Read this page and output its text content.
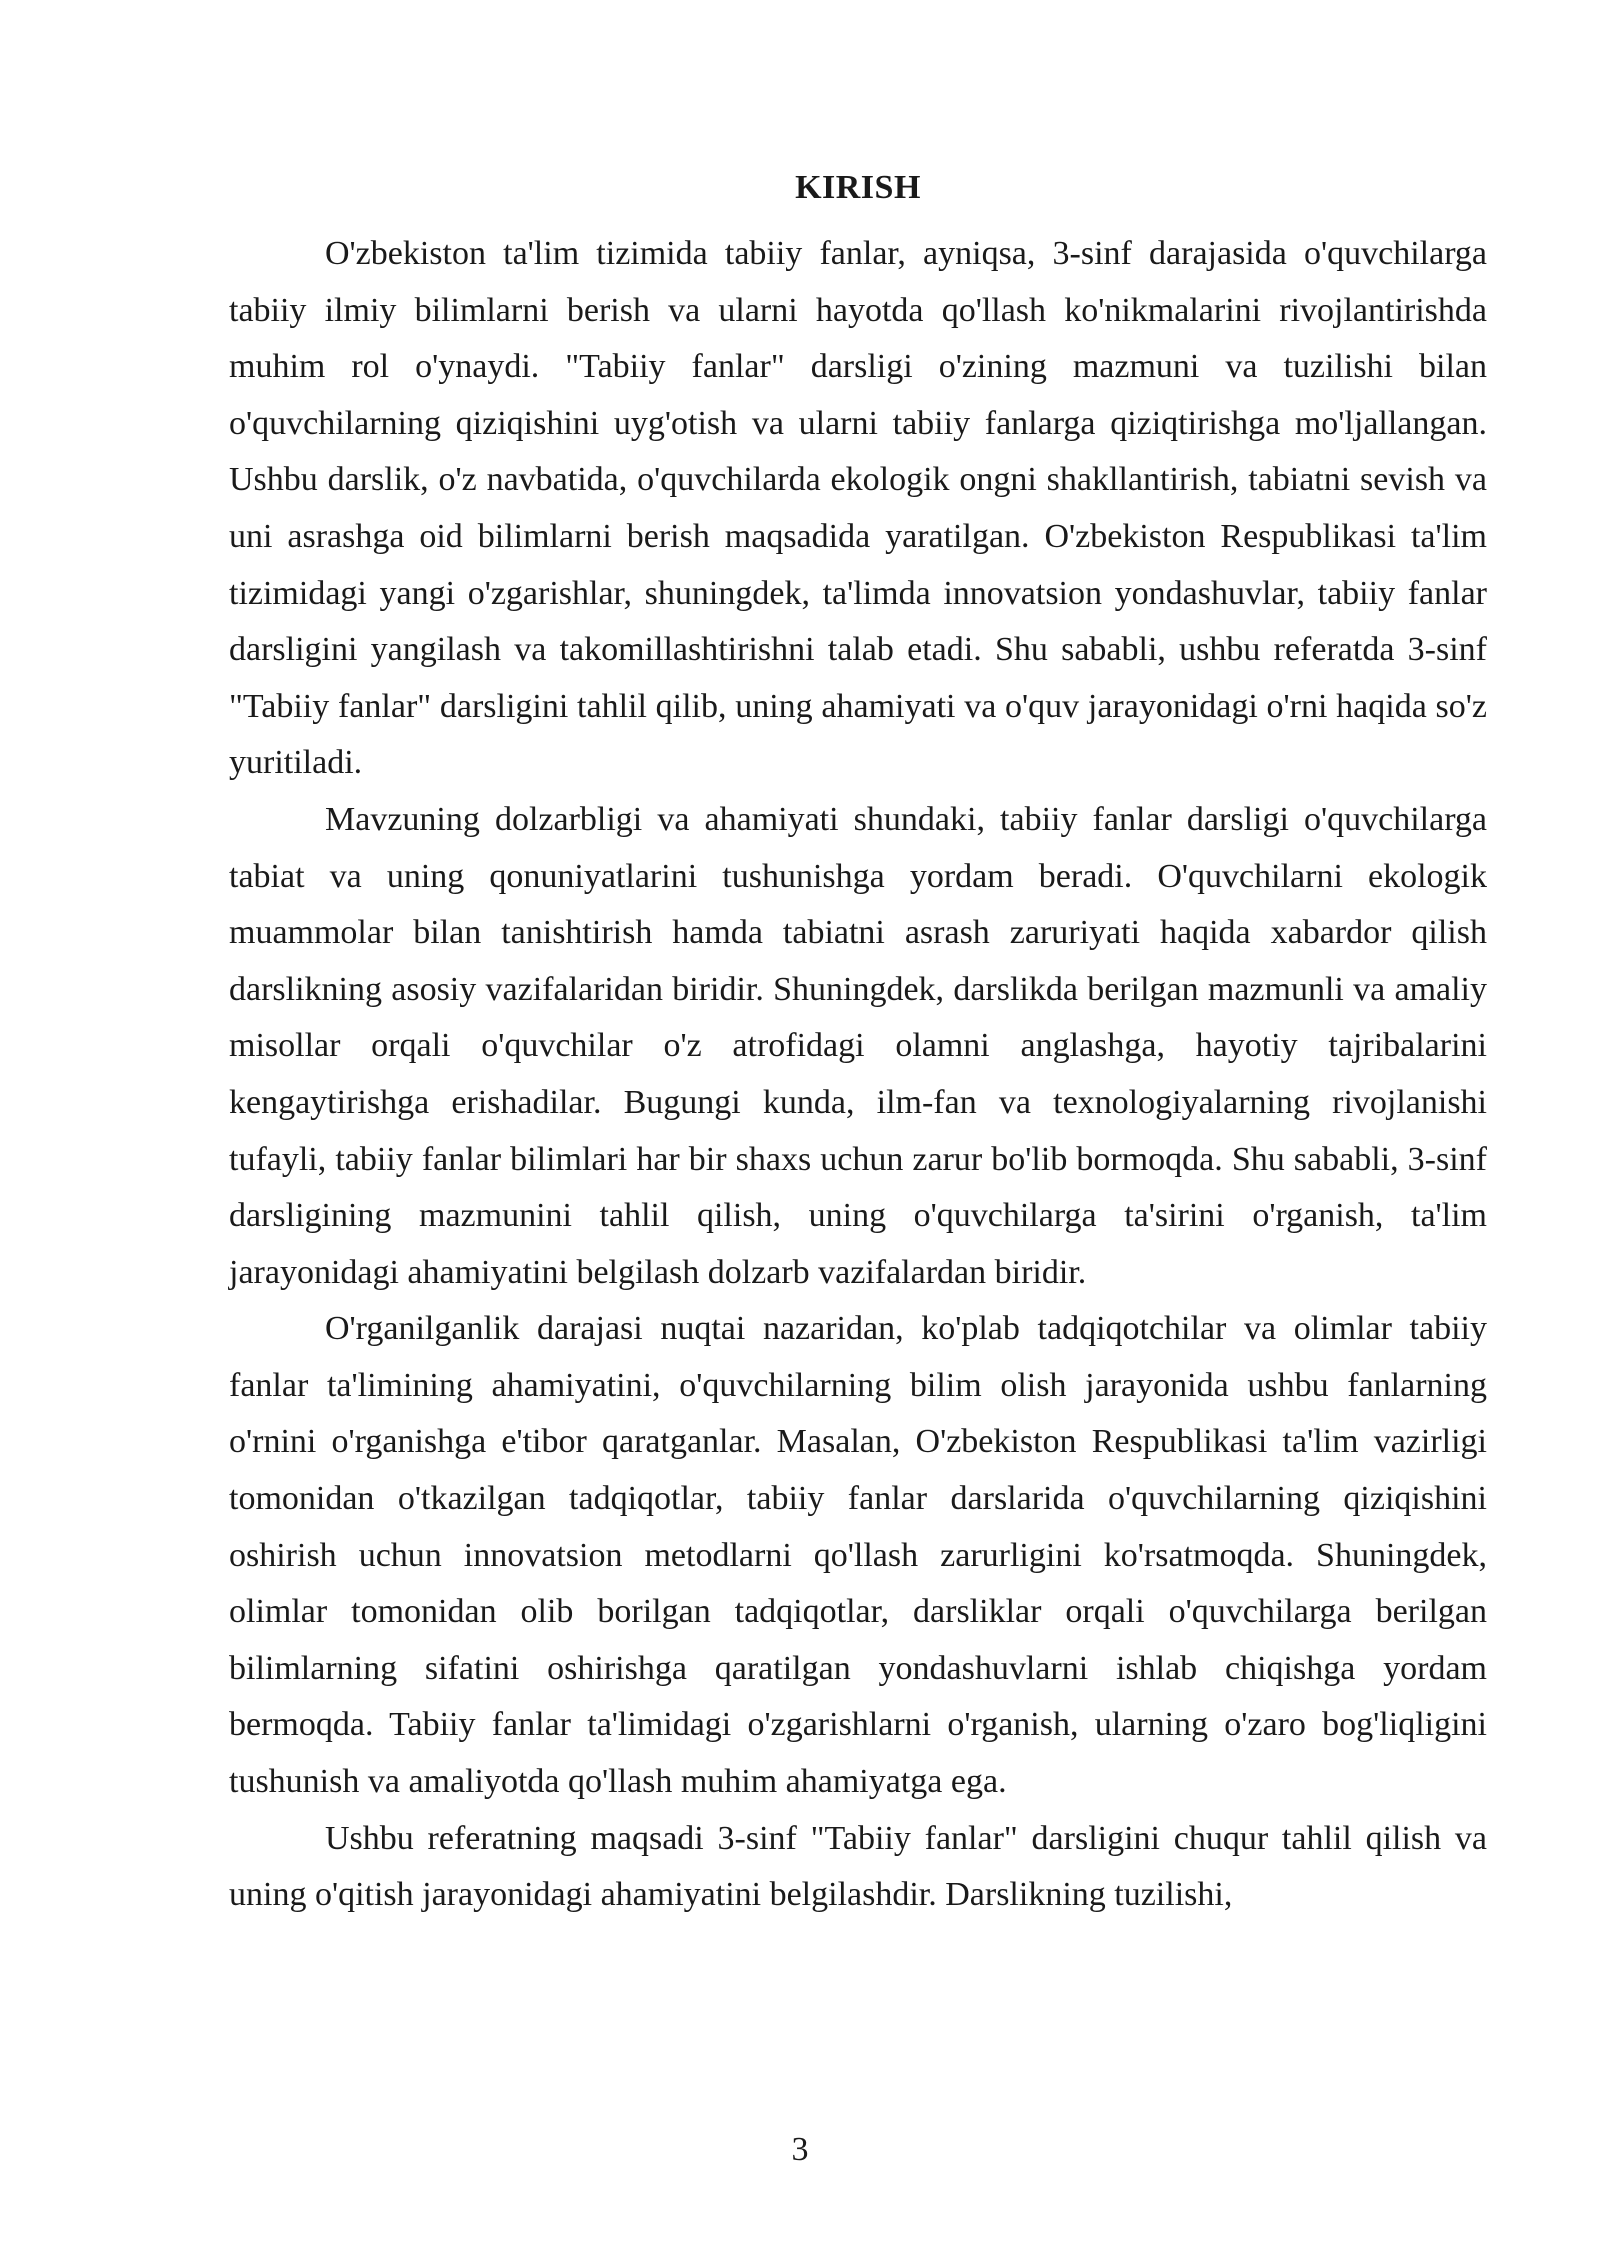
KIRISH

O'zbekiston ta'lim tizimida tabiiy fanlar, ayniqsa, 3-sinf darajasida o'quvchilarga tabiiy ilmiy bilimlarni berish va ularni hayotda qo'llash ko'nikmalarini rivojlantirishda muhim rol o'ynaydi. "Tabiiy fanlar" darsligi o'zining mazmuni va tuzilishi bilan o'quvchilarning qiziqishini uyg'otish va ularni tabiiy fanlarga qiziqtirishga mo'ljallangan. Ushbu darslik, o'z navbatida, o'quvchilarda ekologik ongni shakllantirish, tabiatni sevish va uni asrashga oid bilimlarni berish maqsadida yaratilgan. O'zbekiston Respublikasi ta'lim tizimidagi yangi o'zgarishlar, shuningdek, ta'limda innovatsion yondashuvlar, tabiiy fanlar darsligini yangilash va takomillashtirishni talab etadi. Shu sababli, ushbu referatda 3-sinf "Tabiiy fanlar" darsligini tahlil qilib, uning ahamiyati va o'quv jarayonidagi o'rni haqida so'z yuritiladi.

Mavzuning dolzarbligi va ahamiyati shundaki, tabiiy fanlar darsligi o'quvchilarga tabiat va uning qonuniyatlarini tushunishga yordam beradi. O'quvchilarni ekologik muammolar bilan tanishtirish hamda tabiatni asrash zaruriyati haqida xabardor qilish darslikning asosiy vazifalaridan biridir. Shuningdek, darslikda berilgan mazmunli va amaliy misollar orqali o'quvchilar o'z atrofidagi olamni anglashga, hayotiy tajribalarini kengaytirishga erishadilar. Bugungi kunda, ilm-fan va texnologiyalarning rivojlanishi tufayli, tabiiy fanlar bilimlari har bir shaxs uchun zarur bo'lib bormoqda. Shu sababli, 3-sinf darsligining mazmunini tahlil qilish, uning o'quvchilarga ta'sirini o'rganish, ta'lim jarayonidagi ahamiyatini belgilash dolzarb vazifalardan biridir.

O'rganilganlik darajasi nuqtai nazaridan, ko'plab tadqiqotchilar va olimlar tabiiy fanlar ta'limining ahamiyatini, o'quvchilarning bilim olish jarayonida ushbu fanlarning o'rnini o'rganishga e'tibor qaratganlar. Masalan, O'zbekiston Respublikasi ta'lim vazirligi tomonidan o'tkazilgan tadqiqotlar, tabiiy fanlar darslarida o'quvchilarning qiziqishini oshirish uchun innovatsion metodlarni qo'llash zarurligini ko'rsatmoqda. Shuningdek, olimlar tomonidan olib borilgan tadqiqotlar, darsliklar orqali o'quvchilarga berilgan bilimlarning sifatini oshirishga qaratilgan yondashuvlarni ishlab chiqishga yordam bermoqda. Tabiiy fanlar ta'limidagi o'zgarishlarni o'rganish, ularning o'zaro bog'liqligini tushunish va amaliyotda qo'llash muhim ahamiyatga ega.

Ushbu referatning maqsadi 3-sinf "Tabiiy fanlar" darsligini chuqur tahlil qilish va uning o'qitish jarayonidagi ahamiyatini belgilashdir. Darslikning tuzilishi,

3
